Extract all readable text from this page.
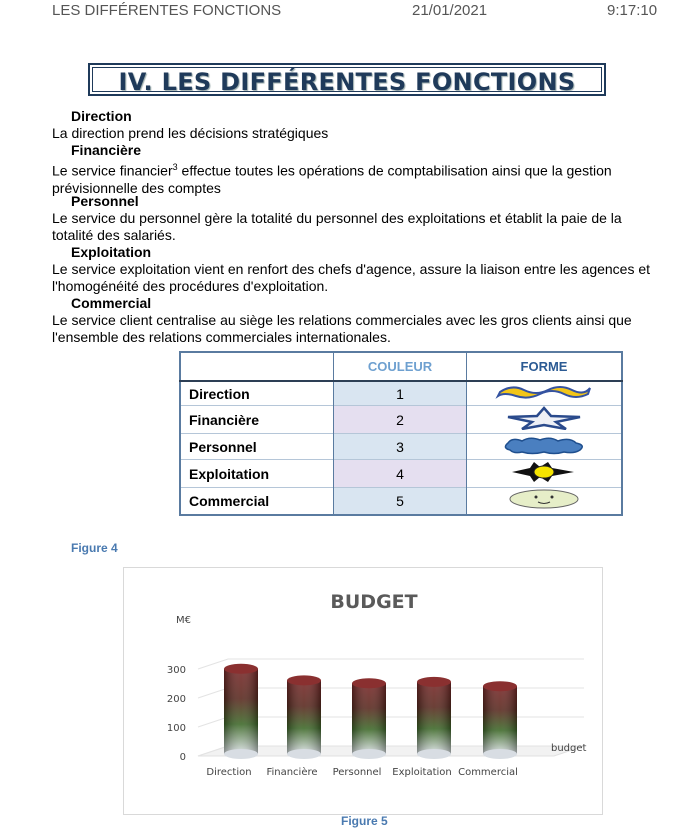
LES DIFFÉRENTES FONCTIONS	21/01/2021	9:17:10
IV. LES DIFFÉRENTES FONCTIONS
Direction
La direction prend les décisions stratégiques
Financière
Le service financier$^3$ effectue toutes les opérations de comptabilisation ainsi que la gestion prévisionnelle des comptes
Personnel
Le service du personnel gère la totalité du personnel des exploitations et établit la paie de la totalité des salariés.
Exploitation
Le service exploitation vient en renfort des chefs d'agence, assure la liaison entre les agences et l'homogénéité des procédures d'exploitation.
Commercial
Le service client centralise au siège les relations commerciales avec les gros clients ainsi que l'ensemble des relations commerciales internationales.
	COULEUR	FORME
Direction	1	
Financière	2	
Personnel	3	
Exploitation	4	
Commercial	5	
Figure 4
BUDGET
M€
0
100
200
300
Direction Financière Personnel Exploitation Commercial
budget
Figure 5
